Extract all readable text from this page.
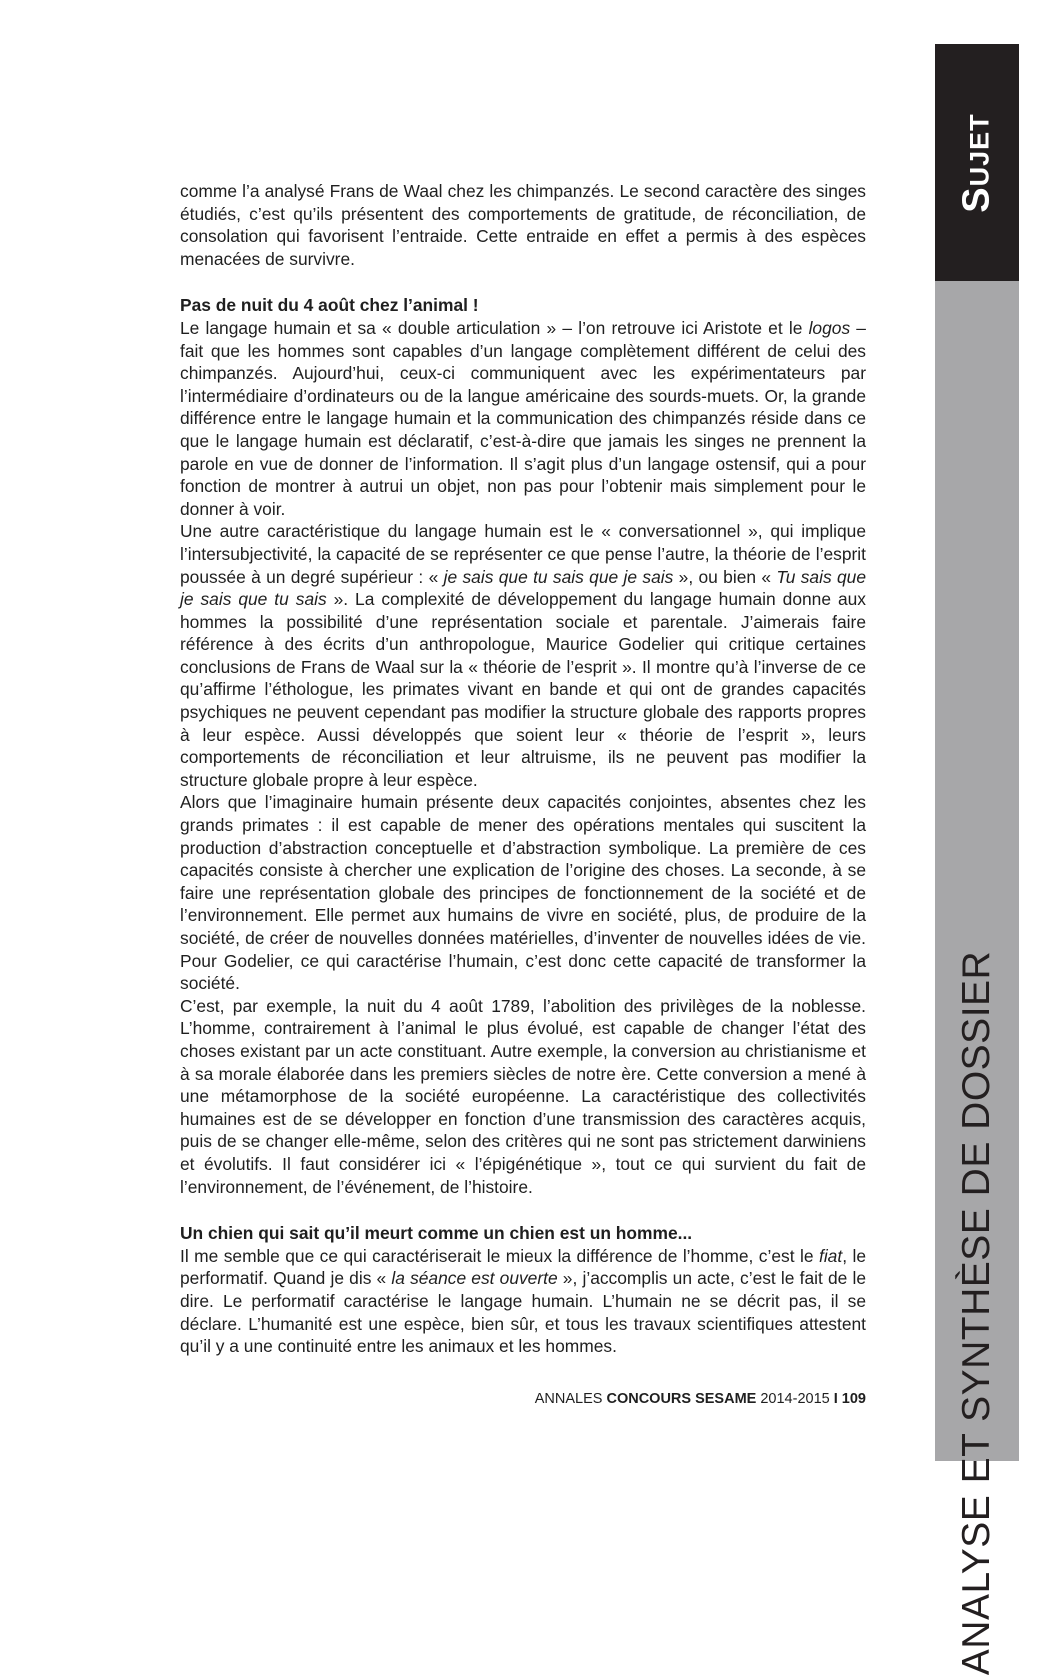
Sujet
ANALYSE ET SYNTHÈSE DE DOSSIER

comme l’a analysé Frans de Waal chez les chimpanzés. Le second caractère des singes étudiés, c’est qu’ils présentent des comportements de gratitude, de réconciliation, de consolation qui favorisent l’entraide. Cette entraide en effet a permis à des espèces menacées de survivre.

Pas de nuit du 4 août chez l’animal !

Le langage humain et sa « double articulation » – l’on retrouve ici Aristote et le logos – fait que les hommes sont capables d’un langage complètement différent de celui des chimpanzés. Aujourd’hui, ceux-ci communiquent avec les expérimentateurs par l’intermédiaire d’ordinateurs ou de la langue américaine des sourds-muets. Or, la grande différence entre le langage humain et la communication des chimpanzés réside dans ce que le langage humain est déclaratif, c’est-à-dire que jamais les singes ne prennent la parole en vue de donner de l’information. Il s’agit plus d’un langage ostensif, qui a pour fonction de montrer à autrui un objet, non pas pour l’obtenir mais simplement pour le donner à voir.

Une autre caractéristique du langage humain est le « conversationnel », qui implique l’intersubjectivité, la capacité de se représenter ce que pense l’autre, la théorie de l’esprit poussée à un degré supérieur : « je sais que tu sais que je sais », ou bien « Tu sais que je sais que tu sais ». La complexité de développement du langage humain donne aux hommes la possibilité d’une représentation sociale et parentale. J’aimerais faire référence à des écrits d’un anthropologue, Maurice Godelier qui critique certaines conclusions de Frans de Waal sur la « théorie de l’esprit ». Il montre qu’à l’inverse de ce qu’affirme l’éthologue, les primates vivant en bande et qui ont de grandes capacités psychiques ne peuvent cependant pas modifier la structure globale des rapports propres à leur espèce. Aussi développés que soient leur « théorie de l’esprit », leurs comportements de réconciliation et leur altruisme, ils ne peuvent pas modifier la structure globale propre à leur espèce.

Alors que l’imaginaire humain présente deux capacités conjointes, absentes chez les grands primates : il est capable de mener des opérations mentales qui suscitent la production d’abstraction conceptuelle et d’abstraction symbolique. La première de ces capacités consiste à chercher une explication de l’origine des choses. La seconde, à se faire une représentation globale des principes de fonctionnement de la société et de l’environnement. Elle permet aux humains de vivre en société, plus, de produire de la société, de créer de nouvelles données matérielles, d’inventer de nouvelles idées de vie. Pour Godelier, ce qui caractérise l’humain, c’est donc cette capacité de transformer la société.

C’est, par exemple, la nuit du 4 août 1789, l’abolition des privilèges de la noblesse. L’homme, contrairement à l’animal le plus évolué, est capable de changer l’état des choses existant par un acte constituant. Autre exemple, la conversion au christianisme et à sa morale élaborée dans les premiers siècles de notre ère. Cette conversion a mené à une métamorphose de la société européenne. La caractéristique des collectivités humaines est de se développer en fonction d’une transmission des caractères acquis, puis de se changer elle-même, selon des critères qui ne sont pas strictement darwiniens et évolutifs. Il faut considérer ici « l’épigénétique », tout ce qui survient du fait de l’environnement, de l’événement, de l’histoire.

Un chien qui sait qu’il meurt comme un chien est un homme...

Il me semble que ce qui caractériserait le mieux la différence de l’homme, c’est le fiat, le performatif. Quand je dis « la séance est ouverte », j’accomplis un acte, c’est le fait de le dire. Le performatif caractérise le langage humain. L’humain ne se décrit pas, il se déclare. L’humanité est une espèce, bien sûr, et tous les travaux scientifiques attestent qu’il y a une continuité entre les animaux et les hommes.

ANNALES CONCOURS SESAME 2014-2015 I 109
